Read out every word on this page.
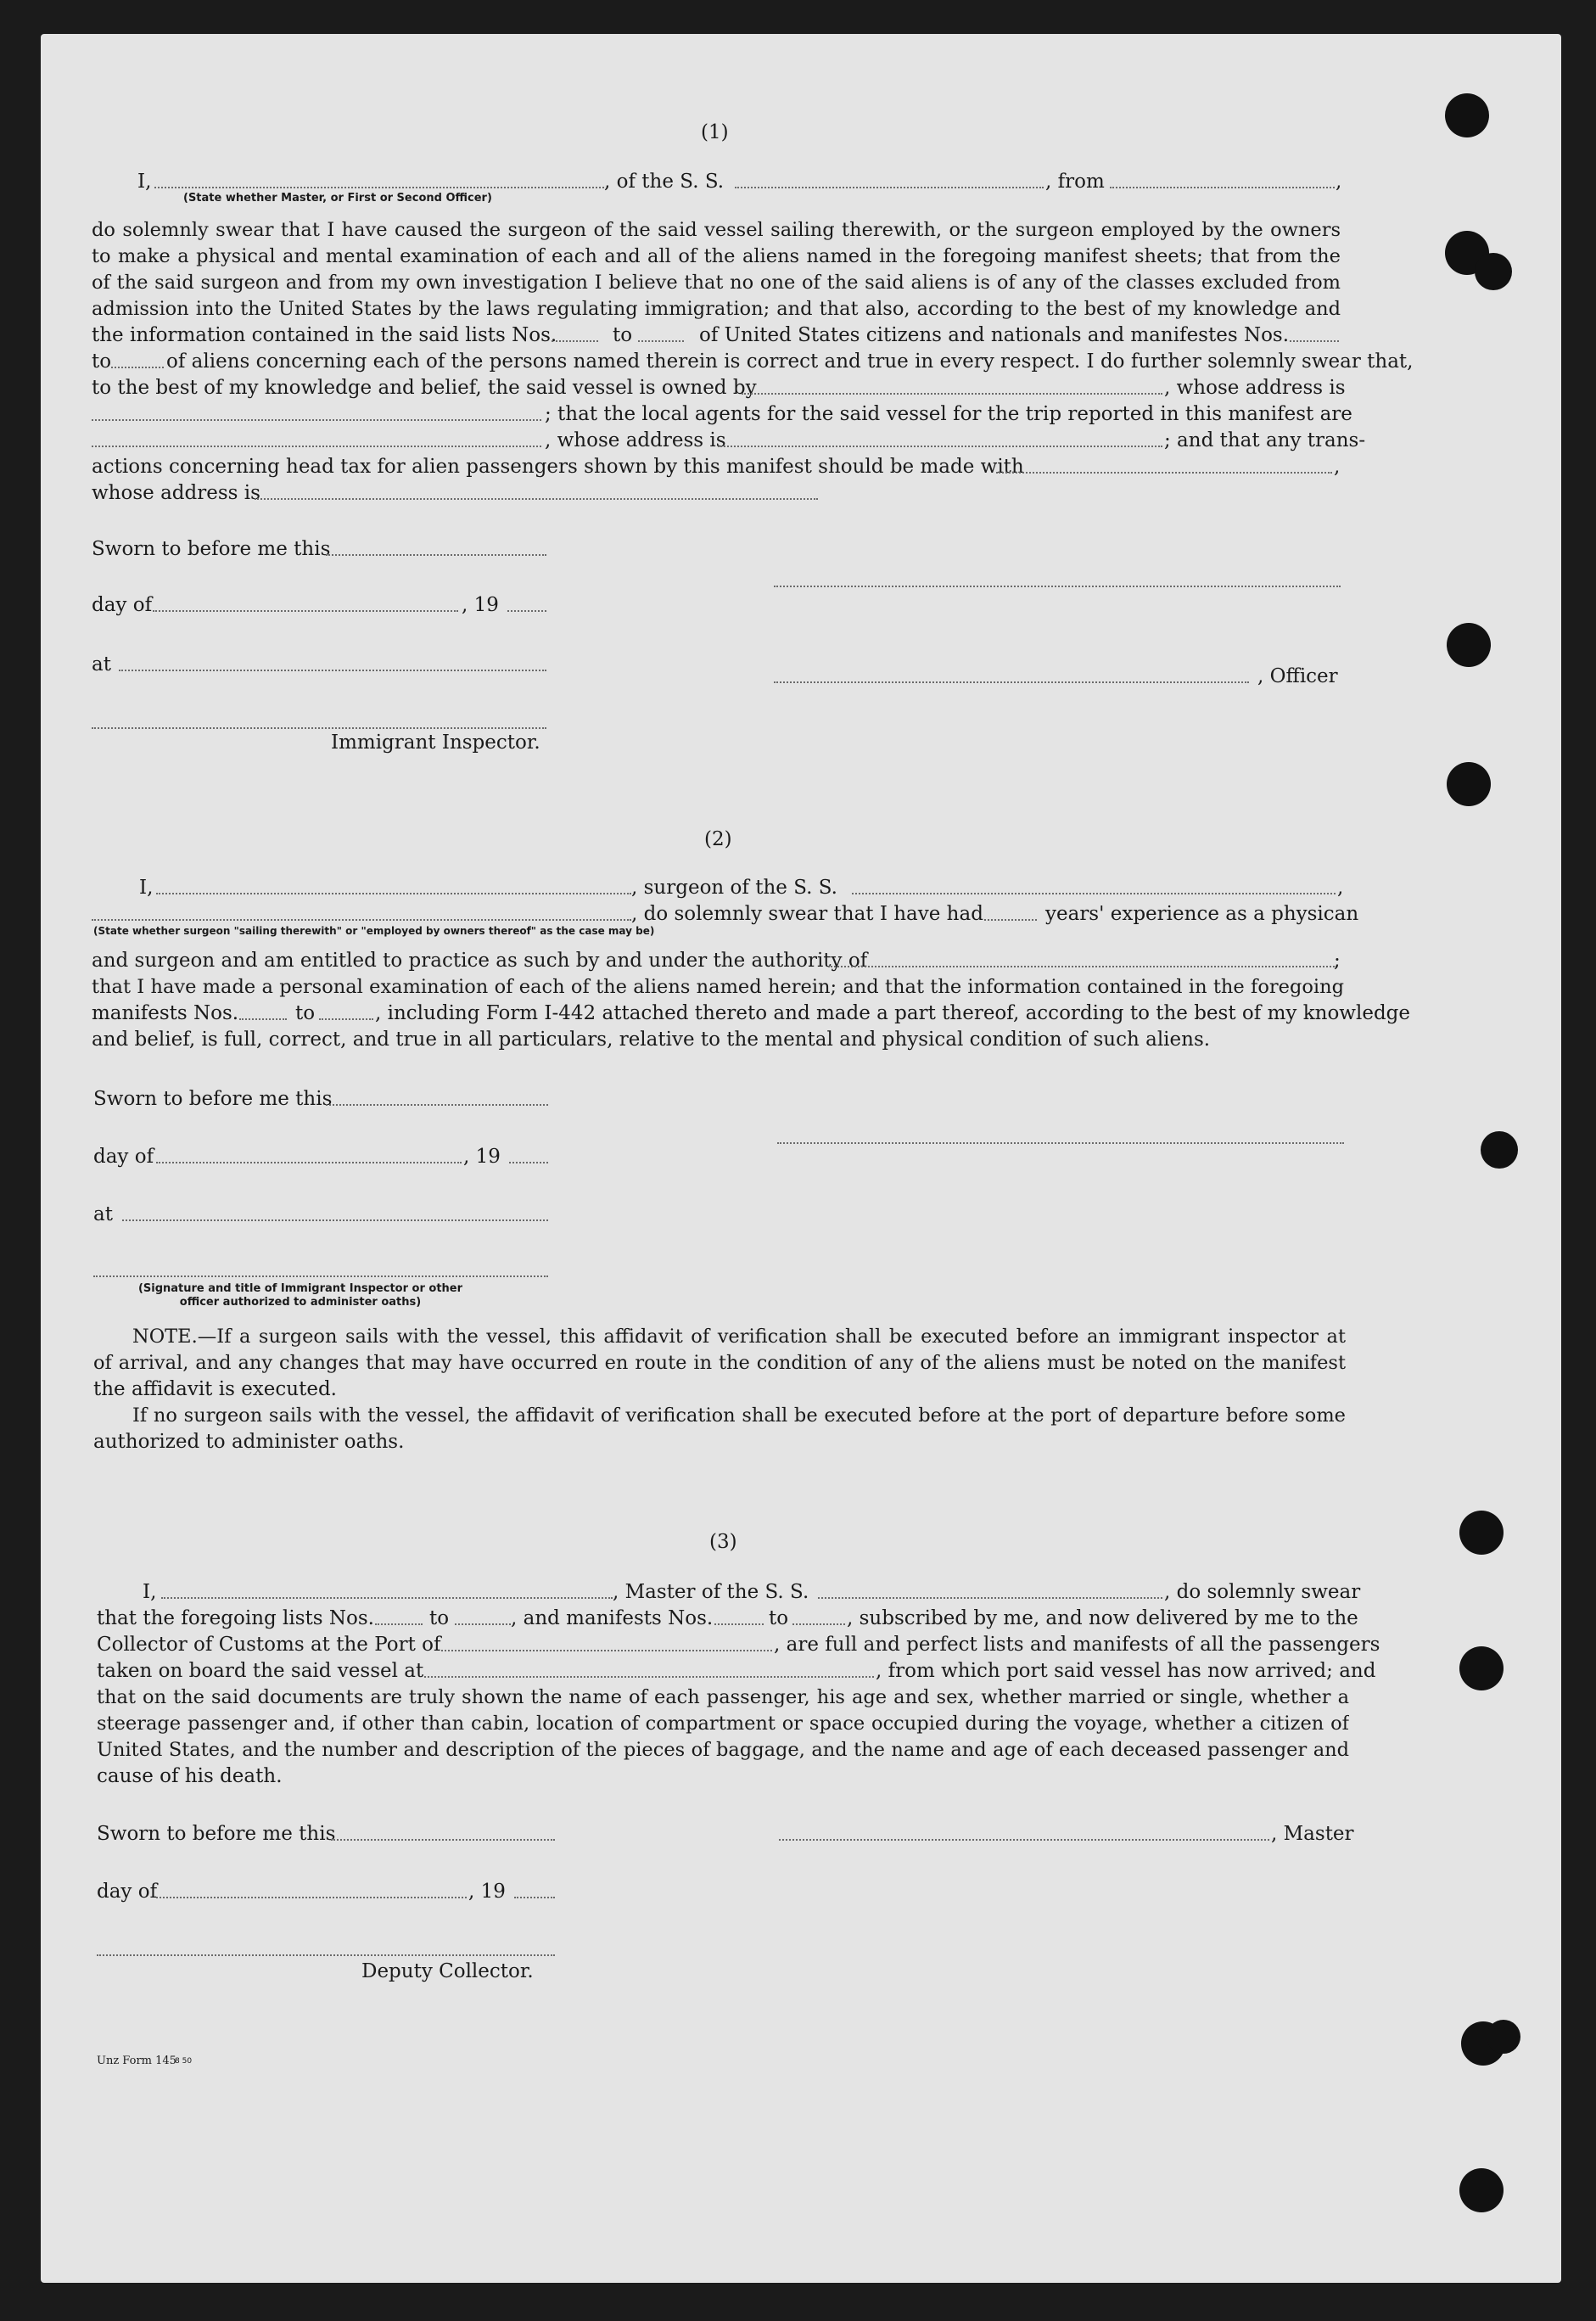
(1)
I,	, of the S. S.	, from	,
(State whether Master, or First or Second Officer)
do solemnly swear that I have caused the surgeon of the said vessel sailing therewith, or the surgeon employed by the owners
to make a physical and mental examination of each and all of the aliens named in the foregoing manifest sheets; that from the
of the said surgeon and from my own investigation I believe that no one of the said aliens is of any of the classes excluded from
admission into the United States by the laws regulating immigration; and that also, according to the best of my knowledge and
the information contained in the said lists Nos.	to	of United States citizens and nationals and manifestes Nos.
to	of aliens concerning each of the persons named therein is correct and true in every respect. I do further solemnly swear that,
to the best of my knowledge and belief, the said vessel is owned by	, whose address is
; that the local agents for the said vessel for the trip reported in this manifest are
, whose address is	; and that any trans-
actions concerning head tax for alien passengers shown by this manifest should be made with	,
whose address is
Sworn to before me this
day of	, 19
at
, Officer
Immigrant Inspector.
(2)
I,	, surgeon of the S. S.	,
, do solemnly swear that I have had	years' experience as a physican
(State whether surgeon "sailing therewith" or "employed by owners thereof" as the case may be)
and surgeon and am entitled to practice as such by and under the authority of	;
that I have made a personal examination of each of the aliens named herein; and that the information contained in the foregoing
manifests Nos.	to	, including Form I-442 attached thereto and made a part thereof, according to the best of my knowledge
and belief, is full, correct, and true in all particulars, relative to the mental and physical condition of such aliens.
Sworn to before me this
day of	, 19
at
(Signature and title of Immigrant Inspector or other
officer authorized to administer oaths)
NOTE.—If a surgeon sails with the vessel, this affidavit of verification shall be executed before an immigrant inspector at
of arrival, and any changes that may have occurred en route in the condition of any of the aliens must be noted on the manifest
the affidavit is executed.
If no surgeon sails with the vessel, the affidavit of verification shall be executed before at the port of departure before some
authorized to administer oaths.
(3)
I,	, Master of the S. S.	, do solemnly swear
that the foregoing lists Nos.	to	, and manifests Nos.	to	, subscribed by me, and now delivered by me to the
Collector of Customs at the Port of	, are full and perfect lists and manifests of all the passengers
taken on board the said vessel at	, from which port said vessel has now arrived; and
that on the said documents are truly shown the name of each passenger, his age and sex, whether married or single, whether a
steerage passenger and, if other than cabin, location of compartment or space occupied during the voyage, whether a citizen of
United States, and the number and description of the pieces of baggage, and the name and age of each deceased passenger and
cause of his death.
Sworn to before me this	, Master
day of	, 19
Deputy Collector.
Unz Form 145
8 50
